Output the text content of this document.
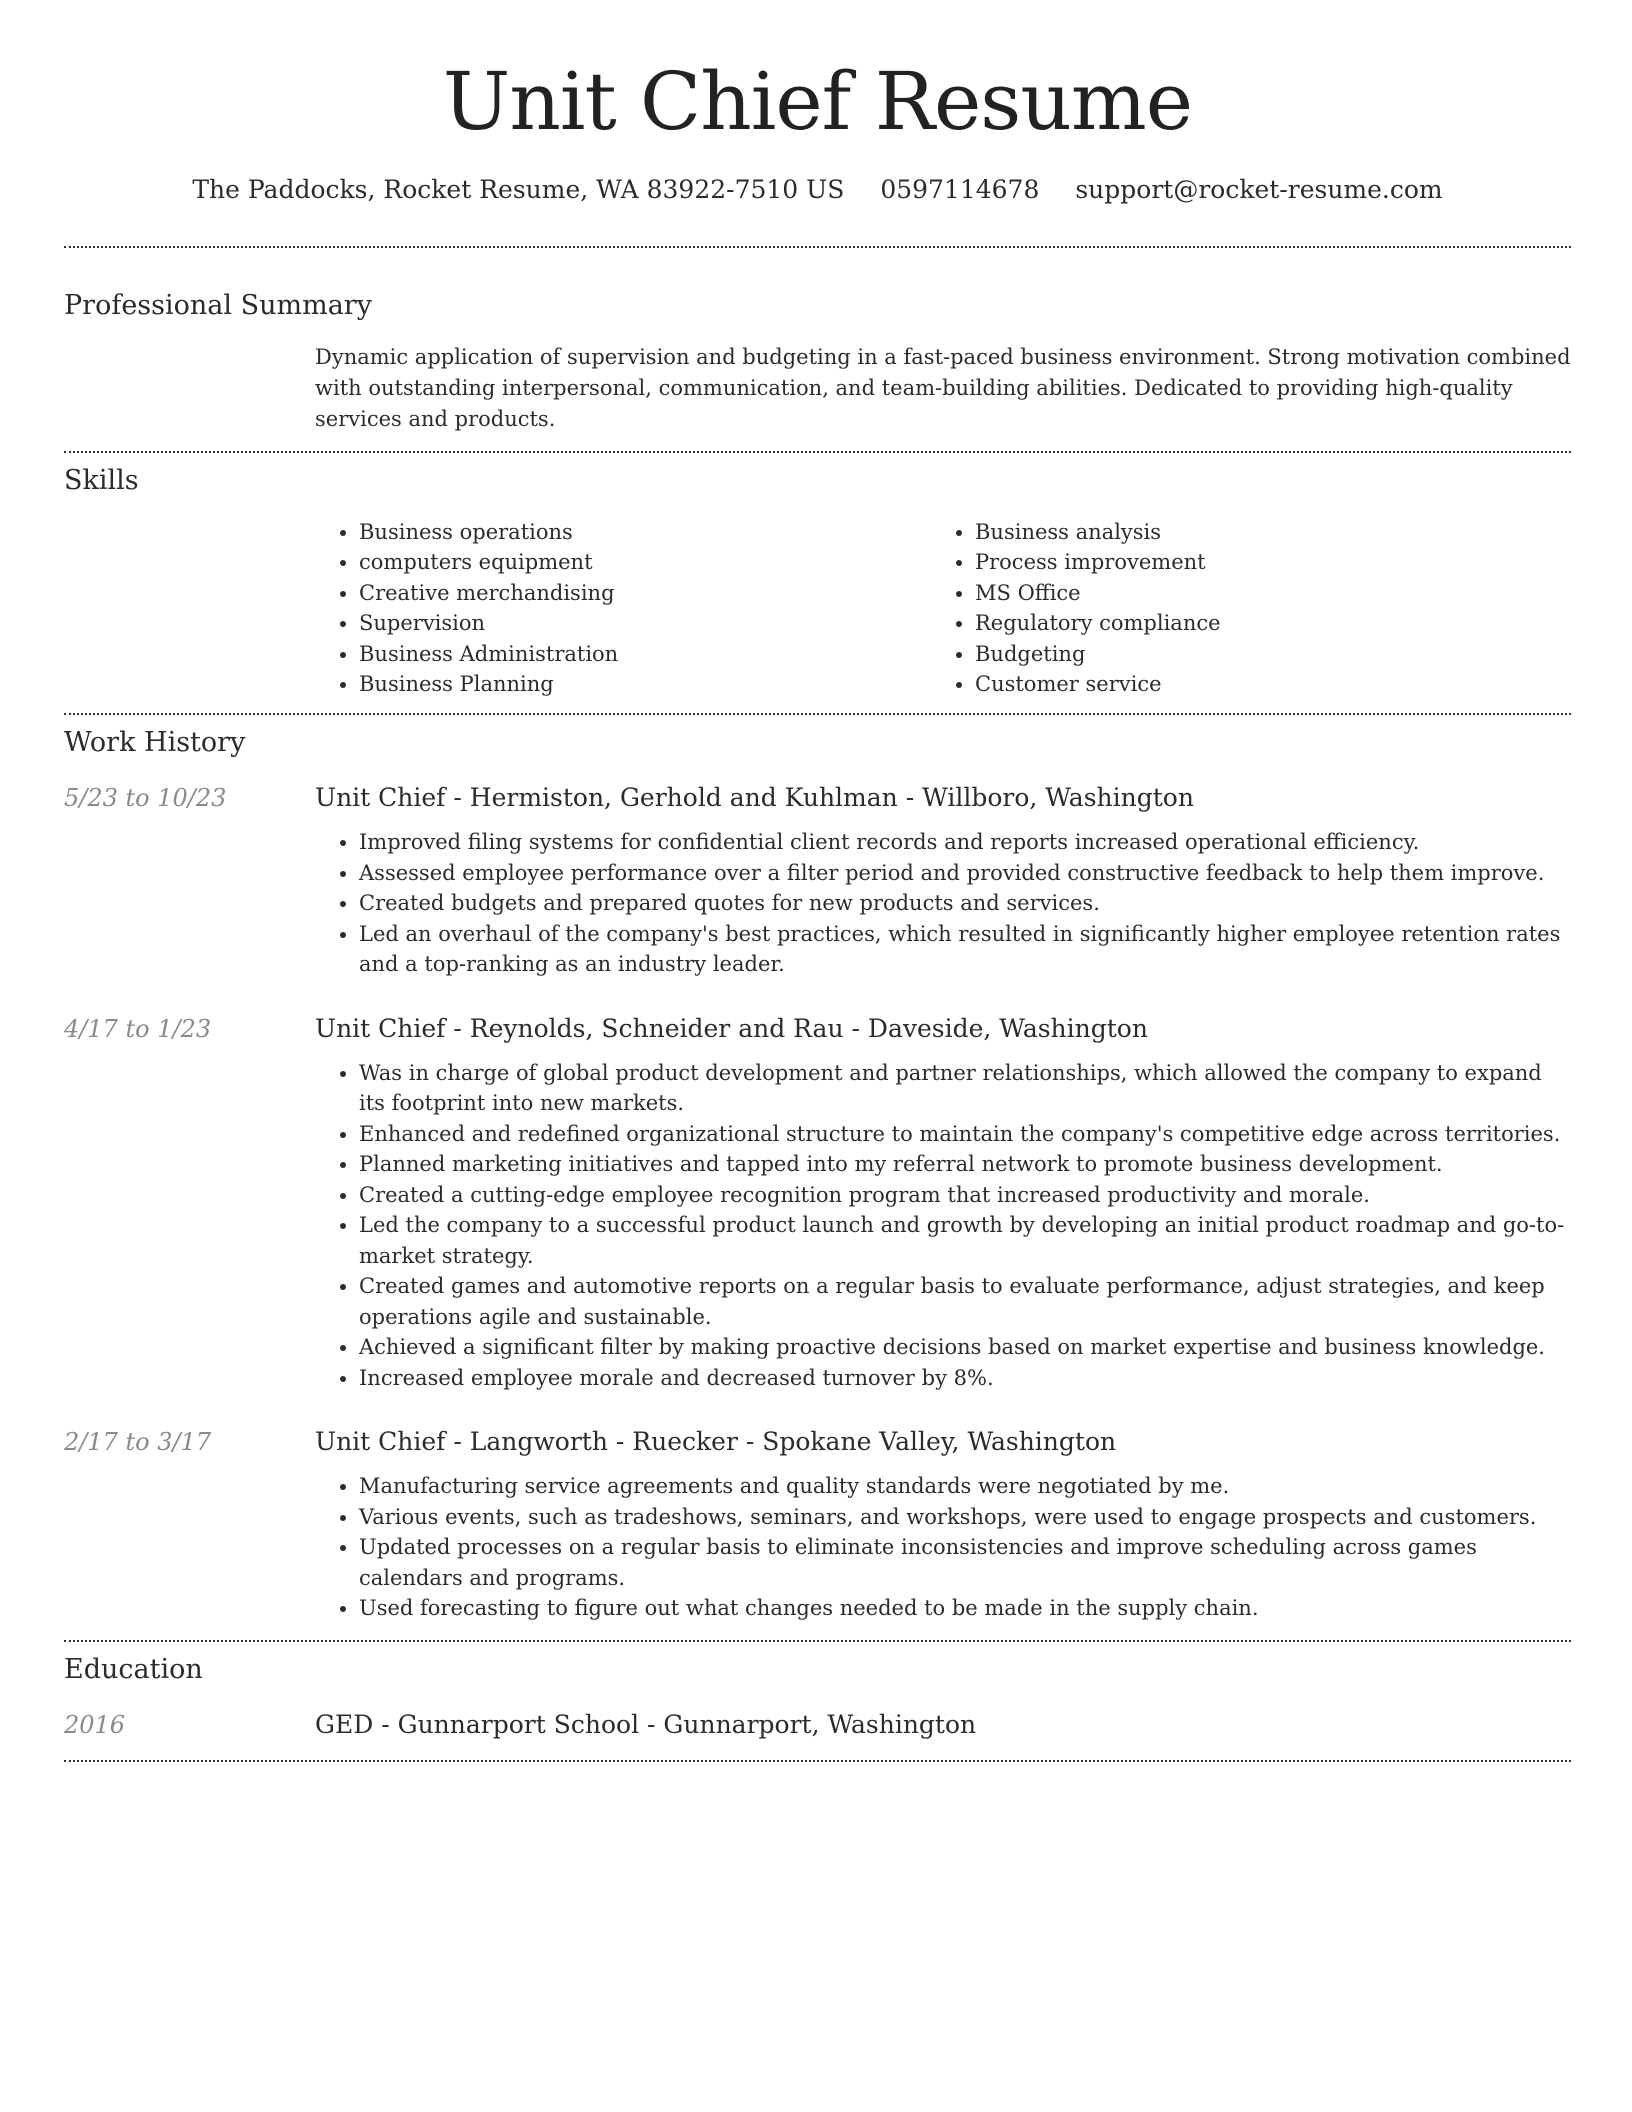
Unit Chief Resume
The Paddocks, Rocket Resume, WA 83922-7510 US 0597114678 support@rocket-resume.com
Professional Summary

Dynamic application of supervision and budgeting in a fast-paced business environment. Strong motivation combined with outstanding interpersonal, communication, and team-building abilities. Dedicated to providing high-quality services and products.

Skills
• Business operations
• computers equipment
• Creative merchandising
• Supervision
• Business Administration
• Business Planning
• Business analysis
• Process improvement
• MS Office
• Regulatory compliance
• Budgeting
• Customer service
Work History
5/23 to 10/23	Unit Chief - Hermiston, Gerhold and Kuhlman - Willboro, Washington
• Improved filing systems for confidential client records and reports increased operational efficiency.
• Assessed employee performance over a filter period and provided constructive feedback to help them improve.
• Created budgets and prepared quotes for new products and services.
• Led an overhaul of the company's best practices, which resulted in significantly higher employee retention rates and a top-ranking as an industry leader.
4/17 to 1/23	Unit Chief - Reynolds, Schneider and Rau - Daveside, Washington
• Was in charge of global product development and partner relationships, which allowed the company to expand its footprint into new markets.
• Enhanced and redefined organizational structure to maintain the company's competitive edge across territories.
• Planned marketing initiatives and tapped into my referral network to promote business development.
• Created a cutting-edge employee recognition program that increased productivity and morale.
• Led the company to a successful product launch and growth by developing an initial product roadmap and go-to-market strategy.
• Created games and automotive reports on a regular basis to evaluate performance, adjust strategies, and keep operations agile and sustainable.
• Achieved a significant filter by making proactive decisions based on market expertise and business knowledge.
• Increased employee morale and decreased turnover by 8%.
2/17 to 3/17	Unit Chief - Langworth - Ruecker - Spokane Valley, Washington
• Manufacturing service agreements and quality standards were negotiated by me.
• Various events, such as tradeshows, seminars, and workshops, were used to engage prospects and customers.
• Updated processes on a regular basis to eliminate inconsistencies and improve scheduling across games calendars and programs.
• Used forecasting to figure out what changes needed to be made in the supply chain.
Education
2016	GED - Gunnarport School - Gunnarport, Washington
